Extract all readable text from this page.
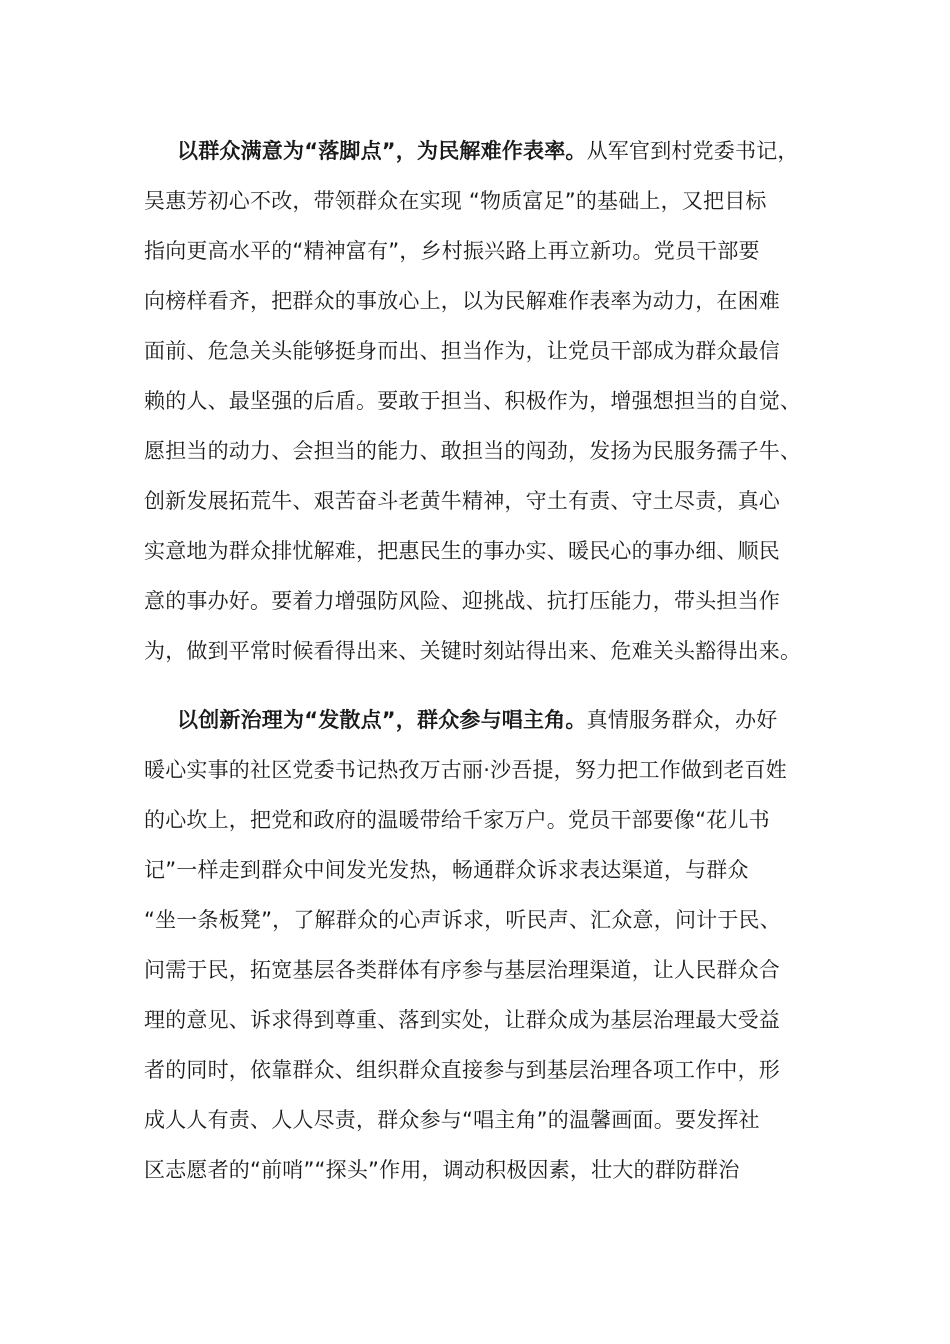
以群众满意为“落脚点”，为民解难作表率。从军官到村党委书记，
吴惠芳初心不改，带领群众在实现 “物质富足”的基础上，又把目标
指向更高水平的“精神富有”，乡村振兴路上再立新功。党员干部要
向榜样看齐，把群众的事放心上，以为民解难作表率为动力，在困难
面前、危急关头能够挺身而出、担当作为，让党员干部成为群众最信
赖的人、最坚强的后盾。要敢于担当、积极作为，增强想担当的自觉、
愿担当的动力、会担当的能力、敢担当的闯劲，发扬为民服务孺子牛、
创新发展拓荒牛、艰苦奋斗老黄牛精神，守土有责、守土尽责，真心
实意地为群众排忧解难，把惠民生的事办实、暖民心的事办细、顺民
意的事办好。要着力增强防风险、迎挑战、抗打压能力，带头担当作
为，做到平常时候看得出来、关键时刻站得出来、危难关头豁得出来。
以创新治理为“发散点”，群众参与唱主角。真情服务群众，办好
暖心实事的社区党委书记热孜万古丽·沙吾提，努力把工作做到老百姓
的心坎上，把党和政府的温暖带给千家万户。党员干部要像“花儿书
记”一样走到群众中间发光发热，畅通群众诉求表达渠道，与群众
“坐一条板凳”，了解群众的心声诉求，听民声、汇众意，问计于民、
问需于民，拓宽基层各类群体有序参与基层治理渠道，让人民群众合
理的意见、诉求得到尊重、落到实处，让群众成为基层治理最大受益
者的同时，依靠群众、组织群众直接参与到基层治理各项工作中，形
成人人有责、人人尽责，群众参与“唱主角”的温馨画面。要发挥社
区志愿者的“前哨”“探头”作用，调动积极因素，壮大的群防群治
